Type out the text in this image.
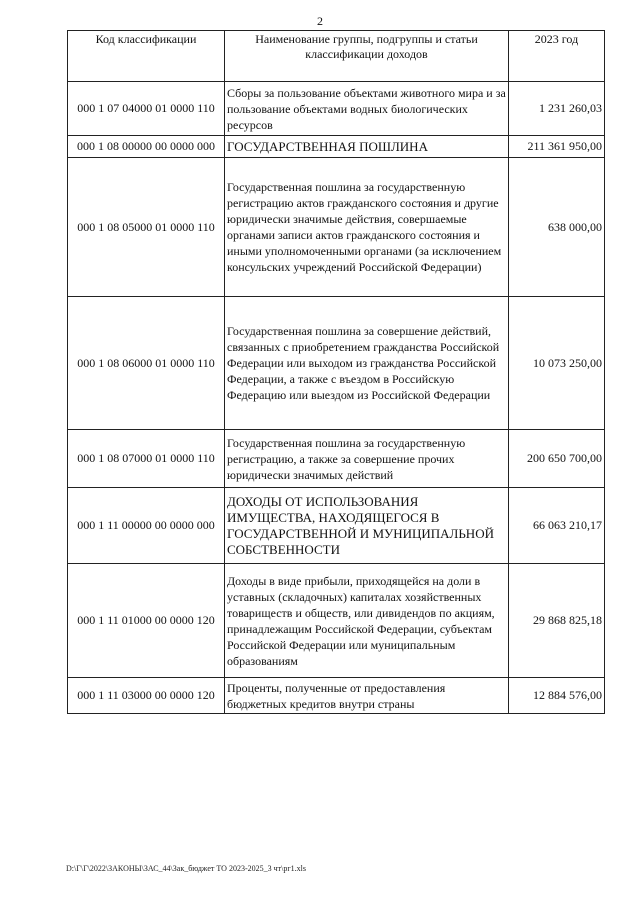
2
Код классификации	Наименование группы, подгруппы и статьи классификации доходов	2023 год
000 1 07 04000 01 0000 110	Сборы за пользование объектами животного мира и за пользование объектами водных биологических ресурсов	1 231 260,03
000 1 08 00000 00 0000 000	ГОСУДАРСТВЕННАЯ ПОШЛИНА	211 361 950,00
000 1 08 05000 01 0000 110	Государственная пошлина за государственную регистрацию актов гражданского состояния и другие юридически значимые действия, совершаемые органами записи актов гражданского состояния и иными уполномоченными органами (за исключением консульских учреждений Российской Федерации)	638 000,00
000 1 08 06000 01 0000 110	Государственная пошлина за совершение действий, связанных с приобретением гражданства Российской Федерации или выходом из гражданства Российской Федерации, а также с въездом в Российскую Федерацию или выездом из Российской Федерации	10 073 250,00
000 1 08 07000 01 0000 110	Государственная пошлина за государственную регистрацию, а также за совершение прочих юридически значимых действий	200 650 700,00
000 1 11 00000 00 0000 000	ДОХОДЫ ОТ ИСПОЛЬЗОВАНИЯ ИМУЩЕСТВА, НАХОДЯЩЕГОСЯ В ГОСУДАРСТВЕННОЙ И МУНИЦИПАЛЬНОЙ СОБСТВЕННОСТИ	66 063 210,17
000 1 11 01000 00 0000 120	Доходы в виде прибыли, приходящейся на доли в уставных (складочных) капиталах хозяйственных товариществ и обществ, или дивидендов по акциям, принадлежащим Российской Федерации, субъектам Российской Федерации или муниципальным образованиям	29 868 825,18
000 1 11 03000 00 0000 120	Проценты, полученные от предоставления бюджетных кредитов внутри страны	12 884 576,00
D:\Г\Г\2022\ЗАКОНЫ\ЗАС_44\Зак_бюджет ТО 2023-2025_3 чт\рг1.xls
